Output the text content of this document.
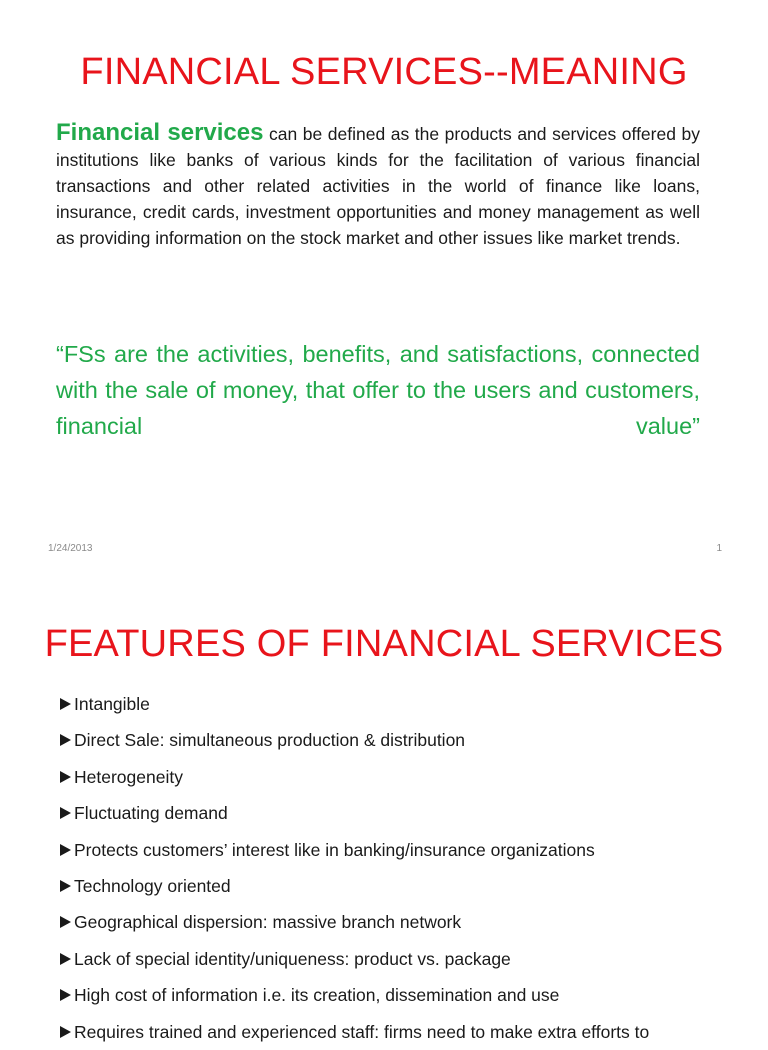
FINANCIAL SERVICES--MEANING

Financial services can be defined as the products and services offered by institutions like banks of various kinds for the facilitation of various financial transactions and other related activities in the world of finance like loans, insurance, credit cards, investment opportunities and money management as well as providing information on the stock market and other issues like market trends.

“FSs are the activities, benefits, and satisfactions, connected with the sale of money, that offer to the users and customers, financial value”

1/24/2013	1
FEATURES OF FINANCIAL SERVICES
Intangible
Direct Sale: simultaneous production & distribution
Heterogeneity
Fluctuating demand
Protects customers’ interest like in banking/insurance organizations
Technology oriented
Geographical dispersion: massive branch network
Lack of special identity/uniqueness: product vs. package
High cost of information i.e. its creation, dissemination and use
Requires trained and experienced staff: firms need to make extra efforts to
